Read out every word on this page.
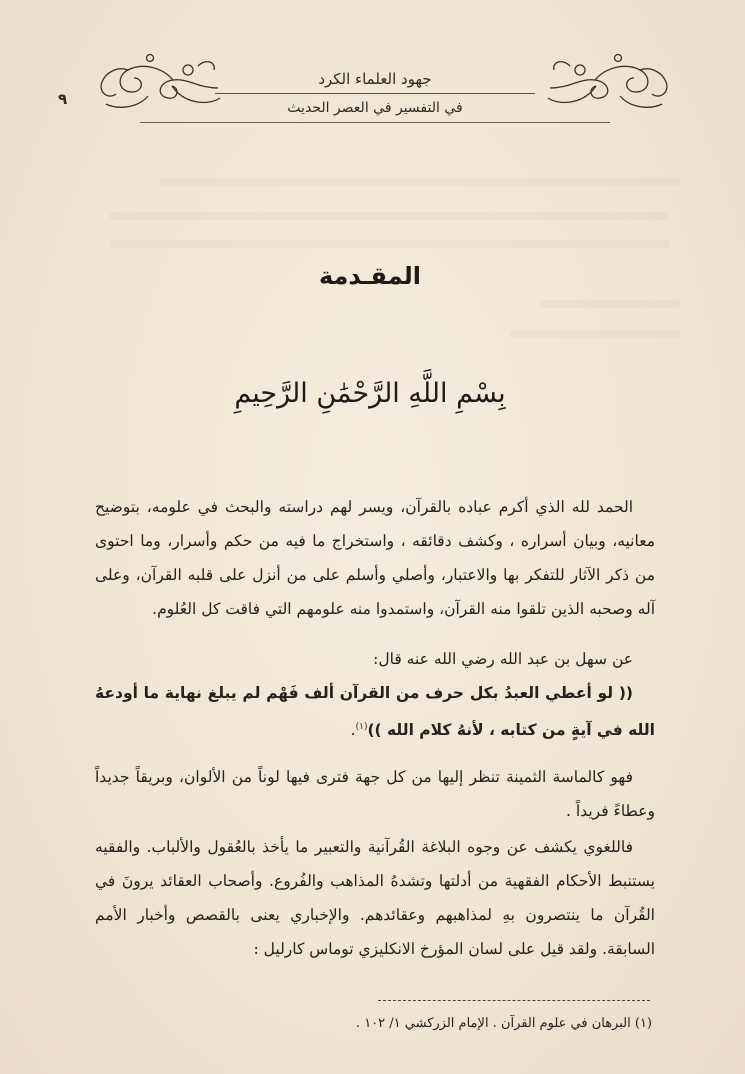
جهود العلماء الكرد
في التفسير في العصر الحديث
٩
المقـدمة
بِسْمِ اللَّهِ الرَّحْمَٰنِ الرَّحِيمِ
الحمد لله الذي أكرم عباده بالقرآن، ويسر لهم دراسته والبحث في علومه، بتوضيح معانيه، وبيان أسراره ، وكشف دقائقه ، واستخراج ما فيه من حكم وأسرار، وما احتوى من ذكر الآثار للتفكر بها والاعتبار، وأصلي وأسلم على من أنزل على قلبه القرآن، وعلى آله وصحبه الذين تلقوا منه القرآن، واستمدوا منه علومهم التي فاقت كل العُلوم.
عن سهل بن عبد الله رضي الله عنه قال:
(( لو أعطي العبدُ بكل حرف من القرآن ألف فَهْم لم يبلغ نهاية ما أودعهُ الله في آيةٍ من كتابه ، لأنهُ كلام الله ))$^{(١)}$.
فهو كالماسة الثمينة تنظر إليها من كل جهة فترى فيها لوناً من الألوان، وبريقاً جديداً وعطاءً فريداً .
فاللغوي يكشف عن وجوه البلاغة القُرآنية والتعبير ما يأخذ بالعُقول والألباب. والفقيه يستنبط الأحكام الفقهية من أدلتها وتشدهُ المذاهب والفُروع. وأصحاب العقائد يرونَ في القُرآن ما ينتصرون بهِ لمذاهبهم وعقائدهم. والإخباري يعنى بالقصص وأخبار الأمم السابقة. ولقد قيل على لسان المؤرخ الانكليزي توماس كارليل :
(١) البرهان في علوم القرآن . الإمام الزركشي ١/ ١٠٢ .
